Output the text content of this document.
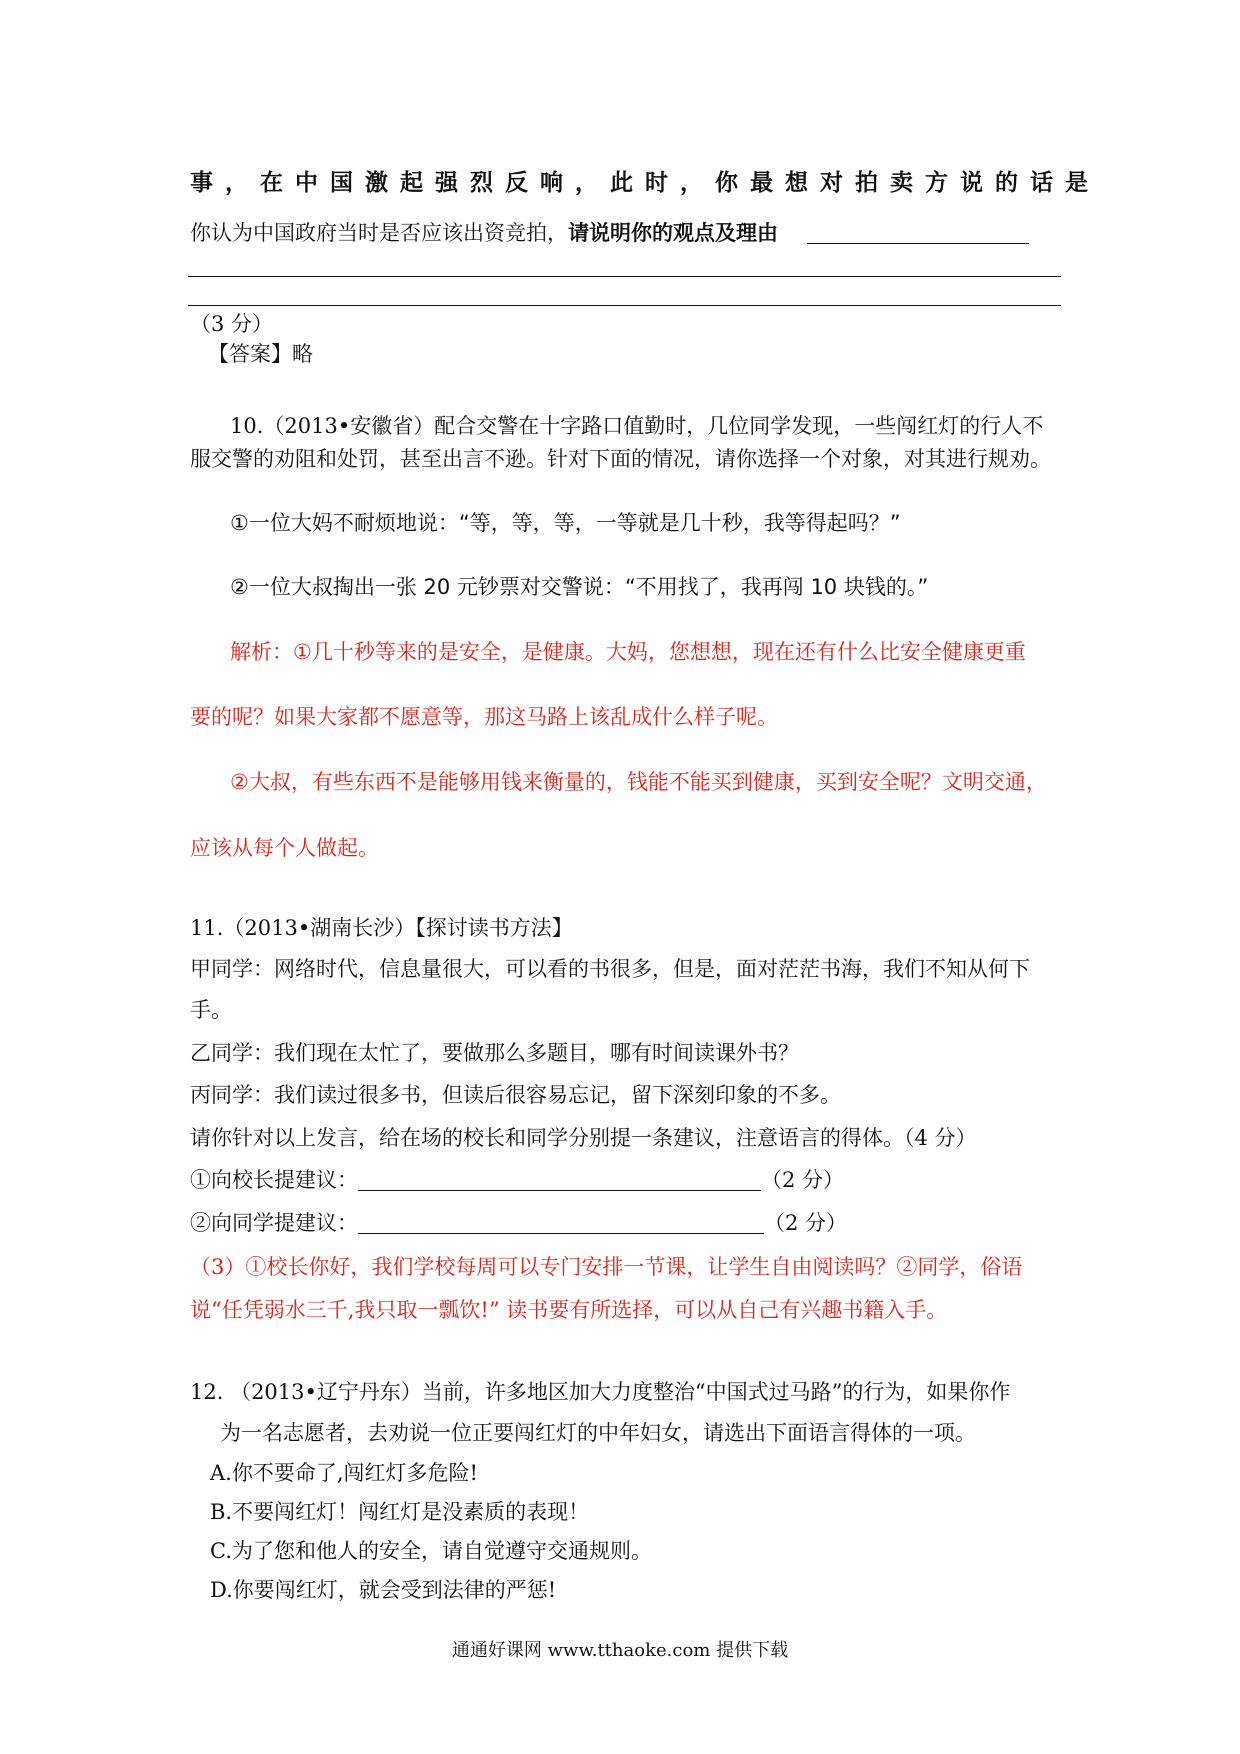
事，在中国激起强烈反响，此时，你最想对拍卖方说的话是
你认为中国政府当时是否应该出资竞拍，请说明你的观点及理由
（3 分）
【答案】略
10.（2013•安徽省）配合交警在十字路口值勤时，几位同学发现，一些闯红灯的行人不
服交警的劝阻和处罚，甚至出言不逊。针对下面的情况，请你选择一个对象，对其进行规劝。
①一位大妈不耐烦地说：“等，等，等，一等就是几十秒，我等得起吗？”
②一位大叔掏出一张 20 元钞票对交警说：“不用找了，我再闯 10 块钱的。”
解析：①几十秒等来的是安全，是健康。大妈，您想想，现在还有什么比安全健康更重
要的呢？如果大家都不愿意等，那这马路上该乱成什么样子呢。
②大叔，有些东西不是能够用钱来衡量的，钱能不能买到健康，买到安全呢？文明交通，
应该从每个人做起。
11.（2013•湖南长沙）【探讨读书方法】
甲同学：网络时代，信息量很大，可以看的书很多，但是，面对茫茫书海，我们不知从何下
手。
乙同学：我们现在太忙了，要做那么多题目，哪有时间读课外书？
丙同学：我们读过很多书，但读后很容易忘记，留下深刻印象的不多。
请你针对以上发言，给在场的校长和同学分别提一条建议，注意语言的得体。（4 分）
①向校长提建议：	（2 分）
②向同学提建议：	（2 分）
（3）①校长你好，我们学校每周可以专门安排一节课，让学生自由阅读吗？②同学，俗语
说“任凭弱水三千,我只取一瓢饮!” 读书要有所选择，可以从自己有兴趣书籍入手。
12. （2013•辽宁丹东）当前，许多地区加大力度整治“中国式过马路”的行为，如果你作
为一名志愿者，去劝说一位正要闯红灯的中年妇女，请选出下面语言得体的一项。
A.你不要命了,闯红灯多危险!
B.不要闯红灯！闯红灯是没素质的表现！
C.为了您和他人的安全，请自觉遵守交通规则。
D.你要闯红灯，就会受到法律的严惩!
通通好课网 www.tthaoke.com 提供下载
